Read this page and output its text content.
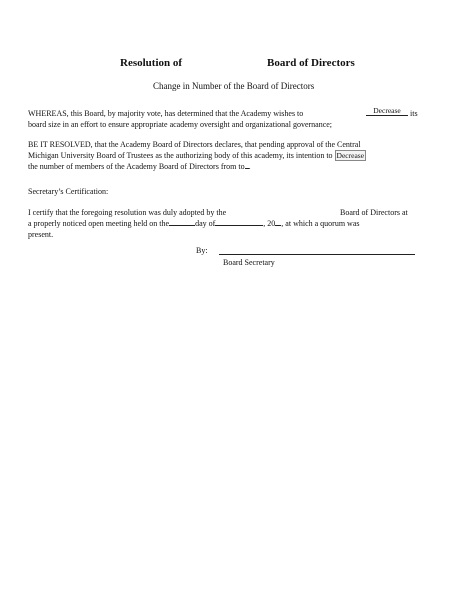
Resolution of	Board of Directors
Change in Number of the Board of Directors
WHEREAS, this Board, by majority vote, has determined that the Academy wishes to	Decrease	its
board size in an effort to ensure appropriate academy oversight and organizational governance;
BE IT RESOLVED, that the Academy Board of Directors declares, that pending approval of the Central
Michigan University Board of Trustees as the authorizing body of this academy, its intention to Decrease
the number of members of the Academy Board of Directors from to .
Secretary’s Certification:
I certify that the foregoing resolution was duly adopted by the	Board of Directors at
a properly noticed open meeting held on the	day of	, 20 , at which a quorum was
present.
By:
Board Secretary
